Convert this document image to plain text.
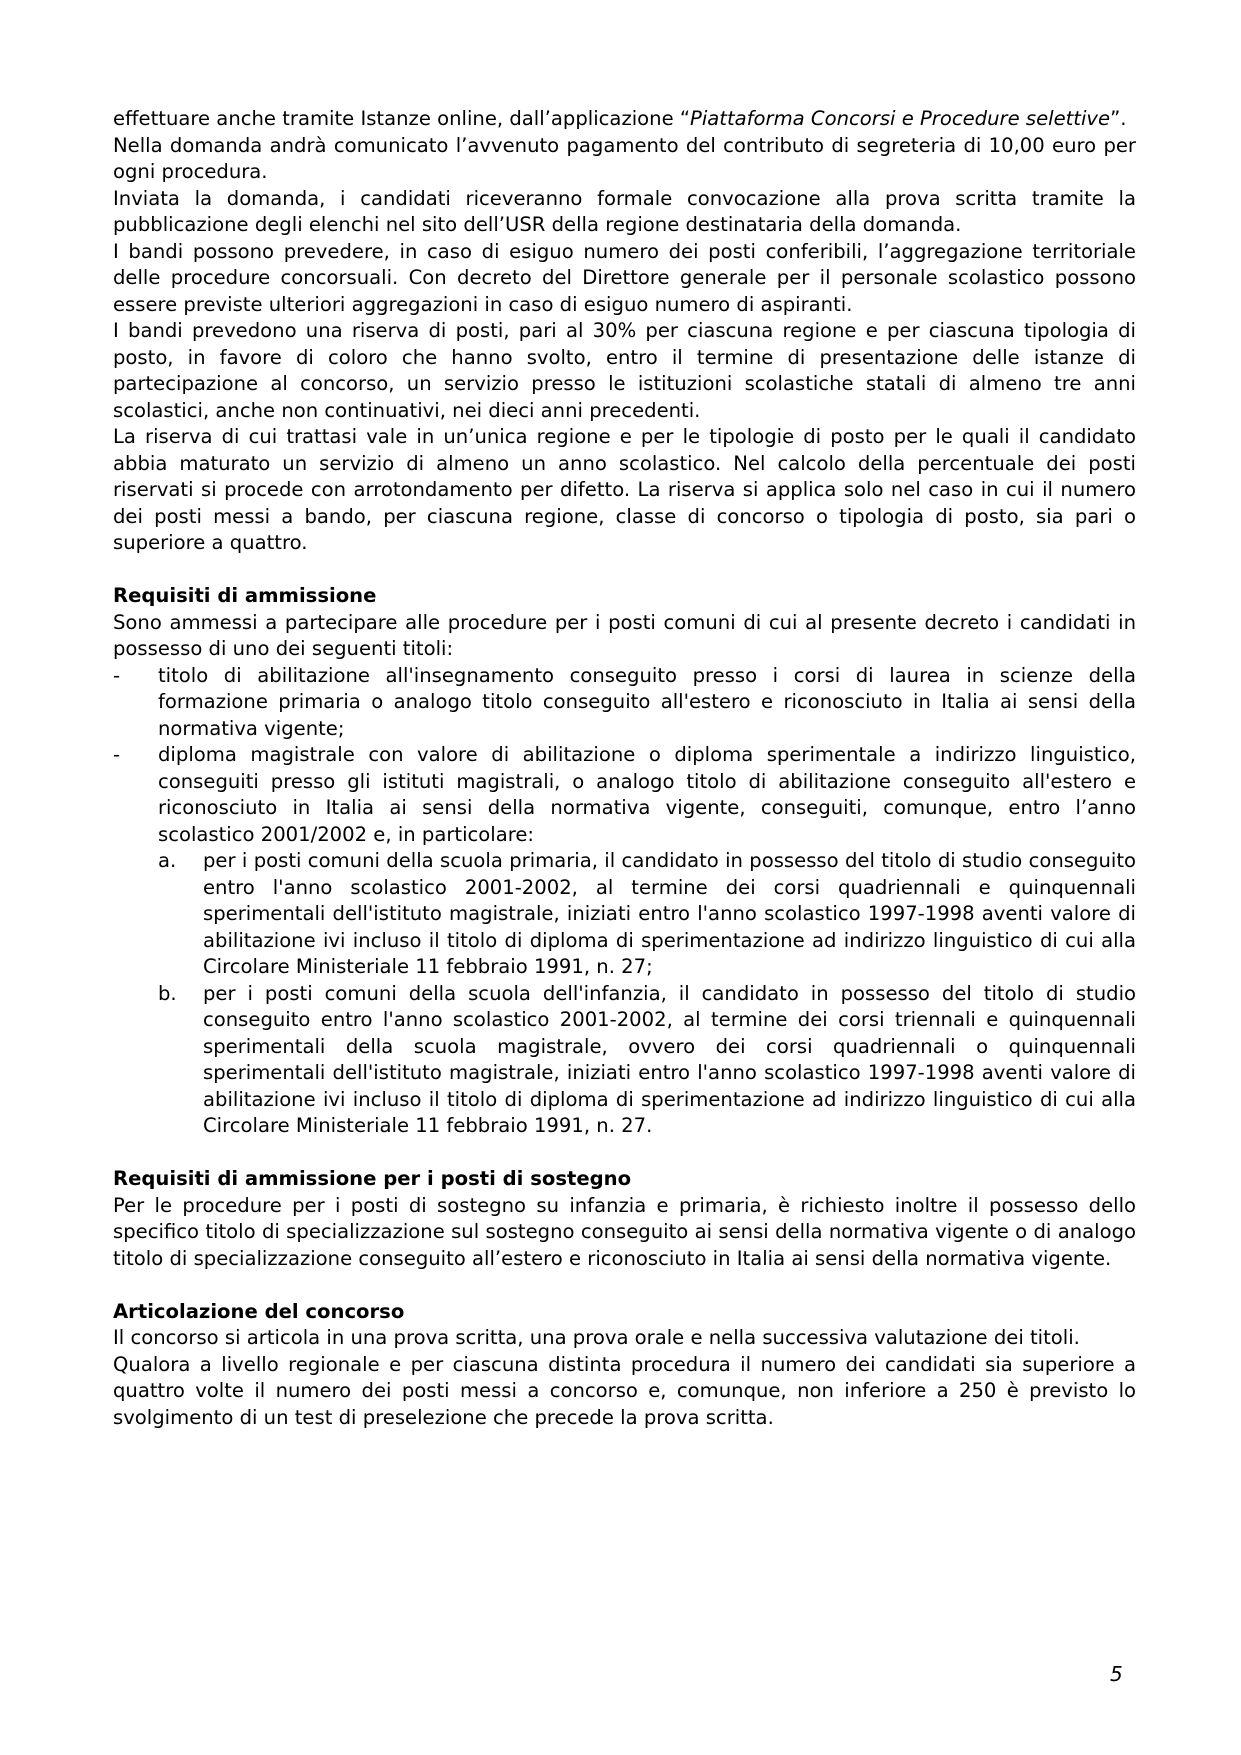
effettuare anche tramite Istanze online, dall’applicazione “Piattaforma Concorsi e Procedure selettive”.

Nella domanda andrà comunicato l’avvenuto pagamento del contributo di segreteria di 10,00 euro per ogni procedura.

Inviata la domanda, i candidati riceveranno formale convocazione alla prova scritta tramite la pubblicazione degli elenchi nel sito dell’USR della regione destinataria della domanda.

I bandi possono prevedere, in caso di esiguo numero dei posti conferibili, l’aggregazione territoriale delle procedure concorsuali. Con decreto del Direttore generale per il personale scolastico possono essere previste ulteriori aggregazioni in caso di esiguo numero di aspiranti.

I bandi prevedono una riserva di posti, pari al 30% per ciascuna regione e per ciascuna tipologia di posto, in favore di coloro che hanno svolto, entro il termine di presentazione delle istanze di partecipazione al concorso, un servizio presso le istituzioni scolastiche statali di almeno tre anni scolastici, anche non continuativi, nei dieci anni precedenti.

La riserva di cui trattasi vale in un’unica regione e per le tipologie di posto per le quali il candidato abbia maturato un servizio di almeno un anno scolastico. Nel calcolo della percentuale dei posti riservati si procede con arrotondamento per difetto. La riserva si applica solo nel caso in cui il numero dei posti messi a bando, per ciascuna regione, classe di concorso o tipologia di posto, sia pari o superiore a quattro.

Requisiti di ammissione

Sono ammessi a partecipare alle procedure per i posti comuni di cui al presente decreto i candidati in possesso di uno dei seguenti titoli:

- titolo di abilitazione all'insegnamento conseguito presso i corsi di laurea in scienze della formazione primaria o analogo titolo conseguito all'estero e riconosciuto in Italia ai sensi della normativa vigente;
- diploma magistrale con valore di abilitazione o diploma sperimentale a indirizzo linguistico, conseguiti presso gli istituti magistrali, o analogo titolo di abilitazione conseguito all'estero e riconosciuto in Italia ai sensi della normativa vigente, conseguiti, comunque, entro l’anno scolastico 2001/2002 e, in particolare:
a. per i posti comuni della scuola primaria, il candidato in possesso del titolo di studio conseguito entro l'anno scolastico 2001-2002, al termine dei corsi quadriennali e quinquennali sperimentali dell'istituto magistrale, iniziati entro l'anno scolastico 1997-1998 aventi valore di abilitazione ivi incluso il titolo di diploma di sperimentazione ad indirizzo linguistico di cui alla Circolare Ministeriale 11 febbraio 1991, n. 27;
b. per i posti comuni della scuola dell'infanzia, il candidato in possesso del titolo di studio conseguito entro l'anno scolastico 2001-2002, al termine dei corsi triennali e quinquennali sperimentali della scuola magistrale, ovvero dei corsi quadriennali o quinquennali sperimentali dell'istituto magistrale, iniziati entro l'anno scolastico 1997-1998 aventi valore di abilitazione ivi incluso il titolo di diploma di sperimentazione ad indirizzo linguistico di cui alla Circolare Ministeriale 11 febbraio 1991, n. 27.
Requisiti di ammissione per i posti di sostegno

Per le procedure per i posti di sostegno su infanzia e primaria, è richiesto inoltre il possesso dello specifico titolo di specializzazione sul sostegno conseguito ai sensi della normativa vigente o di analogo titolo di specializzazione conseguito all’estero e riconosciuto in Italia ai sensi della normativa vigente.

Articolazione del concorso

Il concorso si articola in una prova scritta, una prova orale e nella successiva valutazione dei titoli.

Qualora a livello regionale e per ciascuna distinta procedura il numero dei candidati sia superiore a quattro volte il numero dei posti messi a concorso e, comunque, non inferiore a 250 è previsto lo svolgimento di un test di preselezione che precede la prova scritta.

5
